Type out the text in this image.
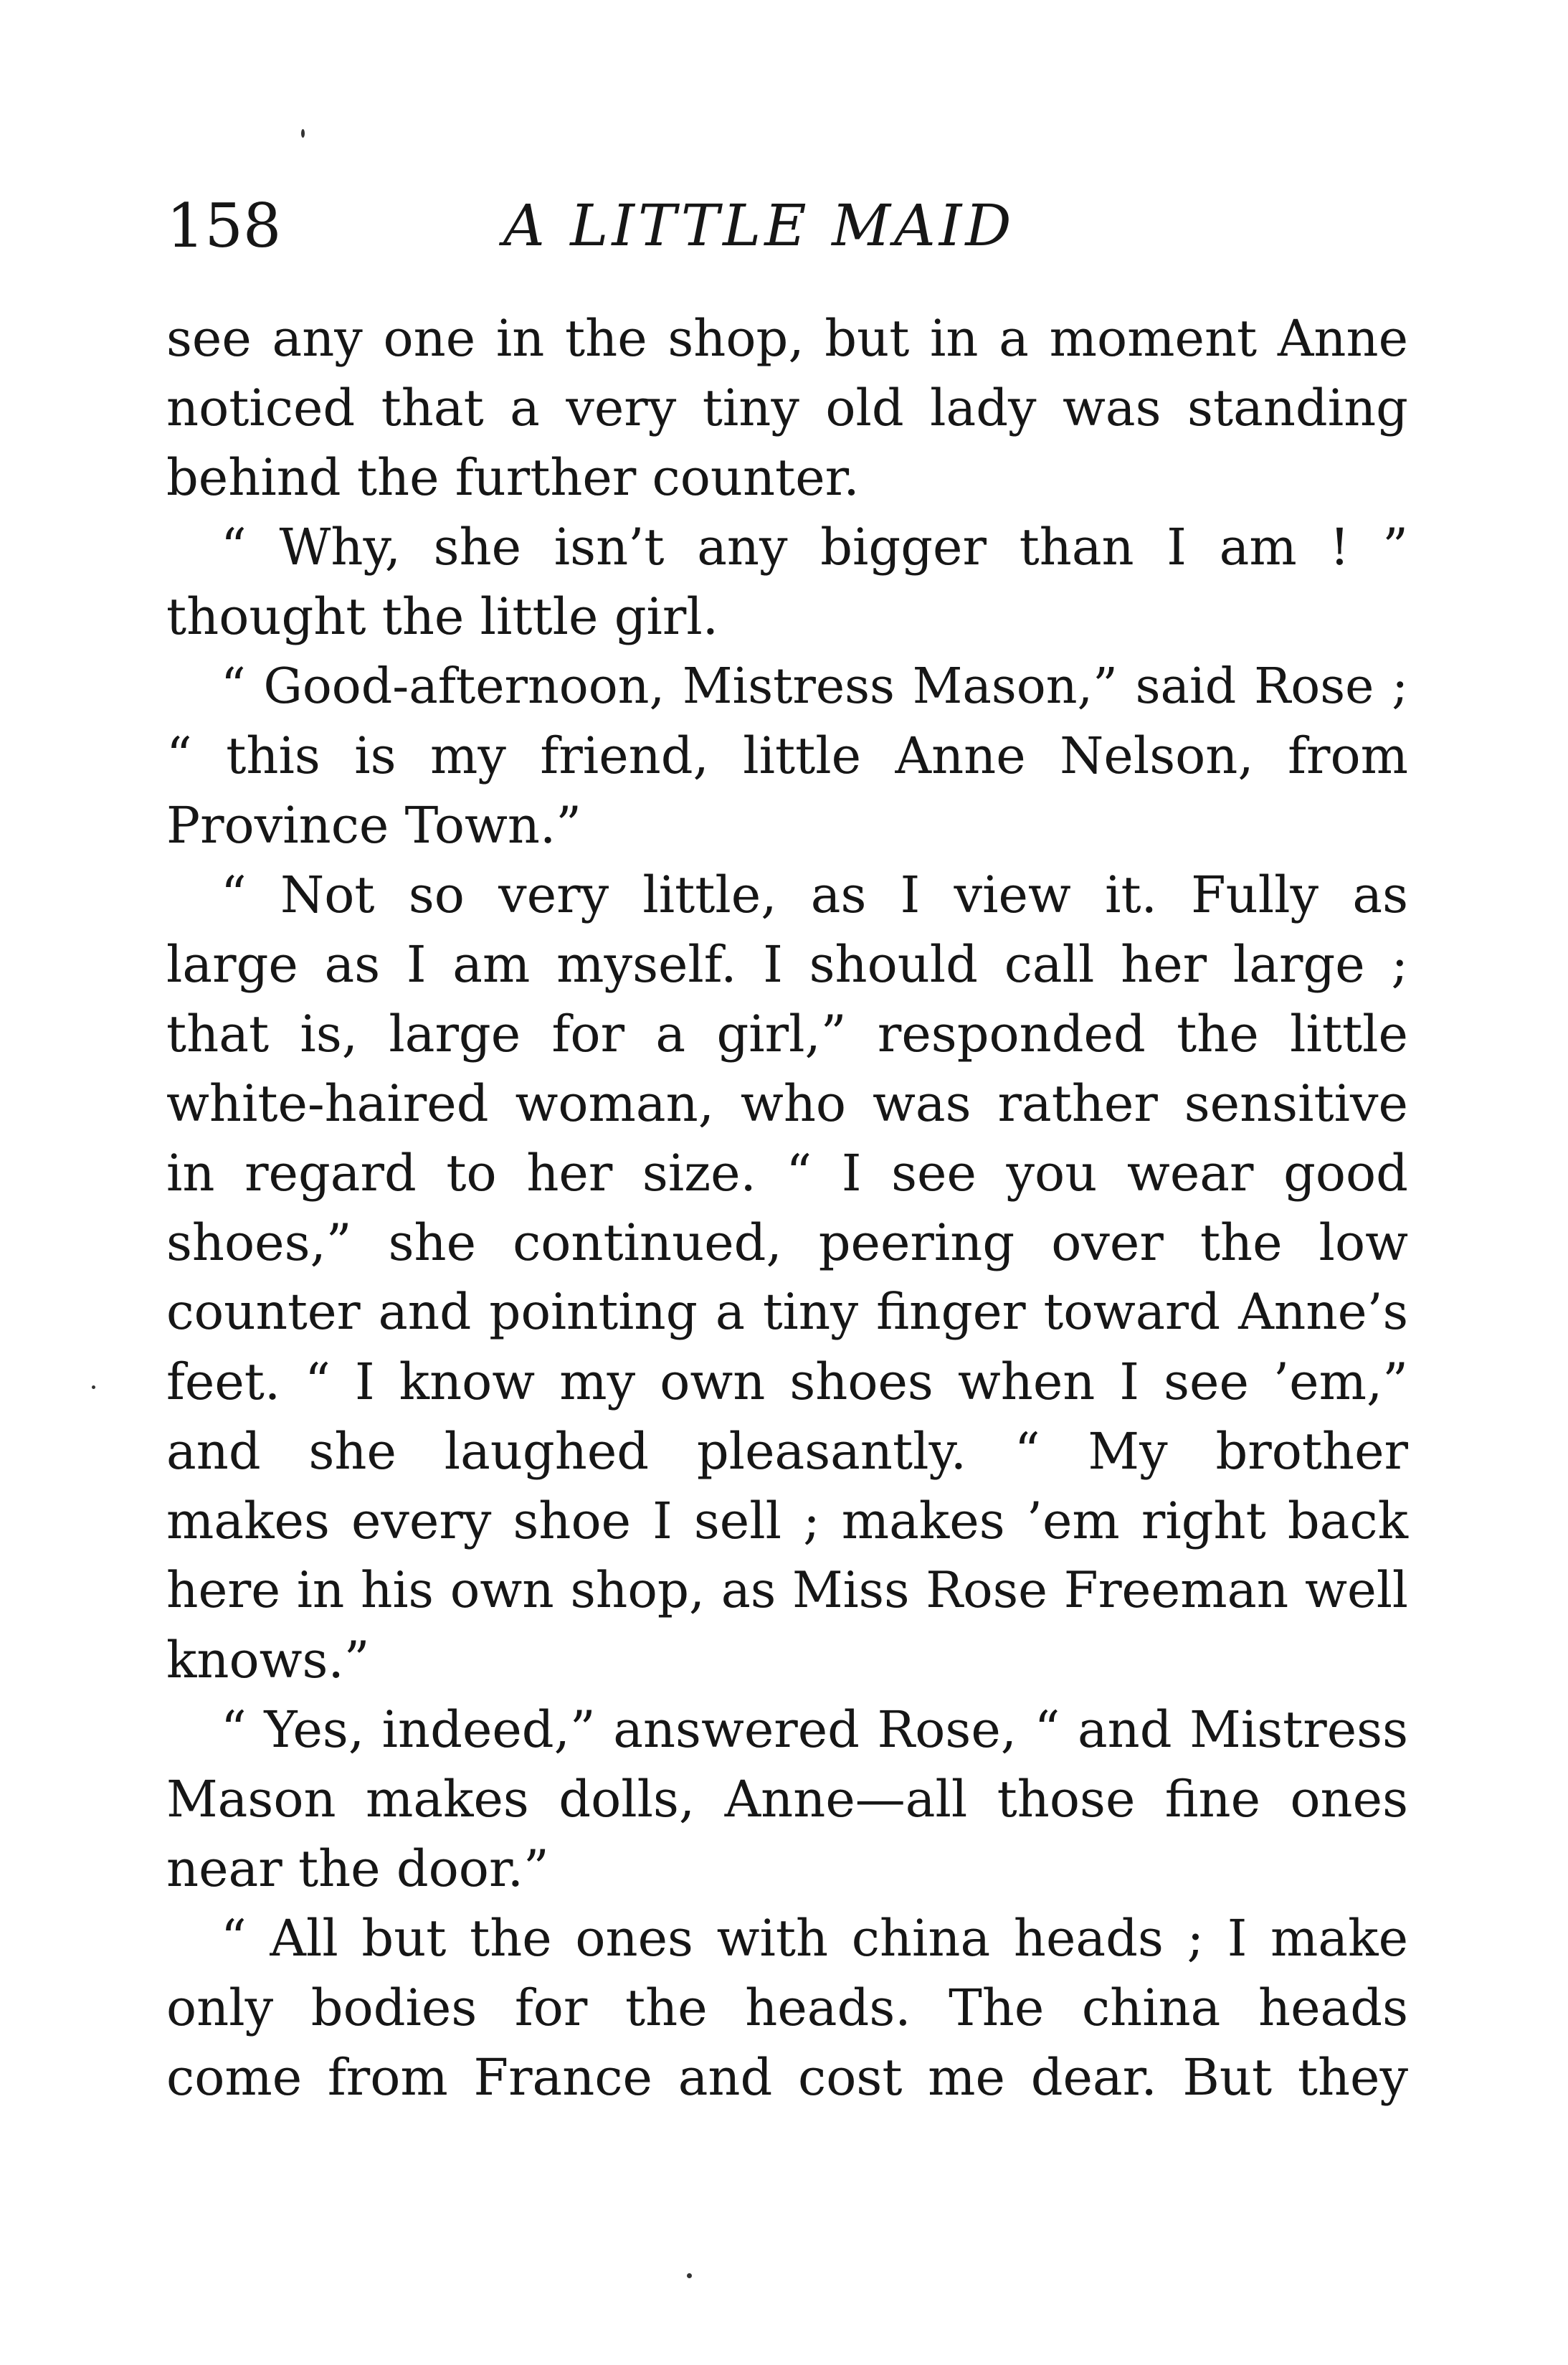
158	A LITTLE MAID
see any one in the shop, but in a moment Anne
noticed that a very tiny old lady was standing
behind the further counter.
“ Why, she isn’t any bigger than I am ! ”
thought the little girl.
“ Good-afternoon, Mistress Mason,” said Rose ;
“ this is my friend, little Anne Nelson, from
Province Town.”
“ Not so very little, as I view it. Fully as
large as I am myself. I should call her large ;
that is, large for a girl,” responded the little
white-haired woman, who was rather sensitive
in regard to her size. “ I see you wear good
shoes,” she continued, peering over the low
counter and pointing a tiny finger toward Anne’s
feet. “ I know my own shoes when I see ’em,”
and she laughed pleasantly. “ My brother
makes every shoe I sell ; makes ’em right back
here in his own shop, as Miss Rose Freeman well
knows.”
“ Yes, indeed,” answered Rose, “ and Mistress
Mason makes dolls, Anne—all those fine ones
near the door.”
“ All but the ones with china heads ; I make
only bodies for the heads. The china heads
come from France and cost me dear. But they
